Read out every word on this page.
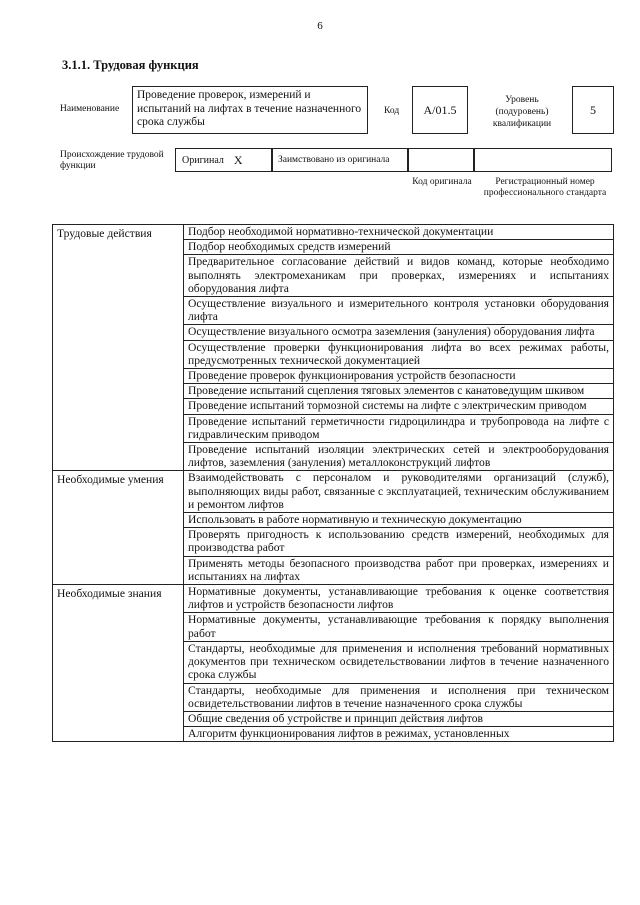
6
3.1.1. Трудовая функция
Наименование
Проведение проверок, измерений и испытаний на лифтах в течение назначенного срока службы
Код A/01.5
Уровень (подуровень) квалификации
5
Происхождение трудовой функции
Оригинал X	Заимствовано из оригинала
Код оригинала	Регистрационный номер профессионального стандарта
Трудовые действия	Подбор необходимой нормативно-технической документации
	Подбор необходимых средств измерений
	Предварительное согласование действий и видов команд, которые необходимо выполнять электромеханикам при проверках, измерениях и испытаниях оборудования лифта
	Осуществление визуального и измерительного контроля установки оборудования лифта
	Осуществление визуального осмотра заземления (зануления) оборудования лифта
	Осуществление проверки функционирования лифта во всех режимах работы, предусмотренных технической документацией
	Проведение проверок функционирования устройств безопасности
	Проведение испытаний сцепления тяговых элементов с канатоведущим шкивом
	Проведение испытаний тормозной системы на лифте с электрическим приводом
	Проведение испытаний герметичности гидроцилиндра и трубопровода на лифте с гидравлическим приводом
	Проведение испытаний изоляции электрических сетей и электрооборудования лифтов, заземления (зануления) металлоконструкций лифтов
Необходимые умения	Взаимодействовать с персоналом и руководителями организаций (служб), выполняющих виды работ, связанные с эксплуатацией, техническим обслуживанием и ремонтом лифтов
	Использовать в работе нормативную и техническую документацию
	Проверять пригодность к использованию средств измерений, необходимых для производства работ
	Применять методы безопасного производства работ при проверках, измерениях и испытаниях на лифтах
Необходимые знания	Нормативные документы, устанавливающие требования к оценке соответствия лифтов и устройств безопасности лифтов
	Нормативные документы, устанавливающие требования к порядку выполнения работ
	Стандарты, необходимые для применения и исполнения требований нормативных документов при техническом освидетельствовании лифтов в течение назначенного срока службы
	Стандарты, необходимые для применения и исполнения при техническом освидетельствовании лифтов в течение назначенного срока службы
	Общие сведения об устройстве и принцип действия лифтов
	Алгоритм функционирования лифтов в режимах, установленных
